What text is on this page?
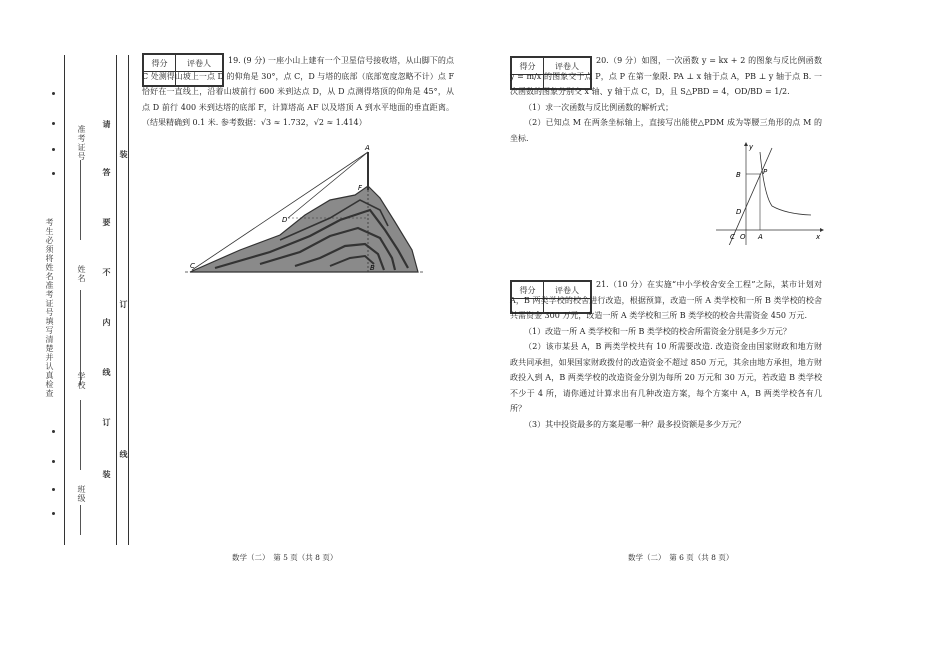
考生必须将姓名准考证号填写清楚并认真检查
准考证号
姓名
学校
班级
请
答
要
不
内
线
订
装
装
订
线
得分	评卷人
		19. (9 分) 一座小山上建有一个卫星信号接收塔，从山脚下的点 C 处测得山坡上一点 D 的仰角是 30°，点 C，D 与塔的底部（底部宽度忽略不计）点 F 恰好在一直线上，沿着山坡前行 600 米到达点 D，从 D 点测得塔顶的仰角是 45°，从点 D 前行 400 米到达塔的底部 F，计算塔高 AF 以及塔顶 A 到水平地面的垂直距离。（结果精确到 0.1 米. 参考数据：√3 ≈ 1.732，√2 ≈ 1.414）

A
F
D
C	B
数学（二）　第 5 页（共 8 页）
得分	评卷人

20.（9 分）如图，一次函数 y = kx + 2 的图象与反比例函数 y = m/x 的图象交于点 P，点 P 在第一象限. PA ⊥ x 轴于点 A，PB ⊥ y 轴于点 B. 一次函数的图象分别交 x 轴、y 轴于点 C，D，且 S△PBD = 4，OD/BD = 1/2.

（1）求一次函数与反比例函数的解析式；

（2）已知点 M 在两条坐标轴上，直接写出能使△PDM 成为等腰三角形的点 M 的坐标.

y
x
B	P
D
C O A
得分	评卷人

21.（10 分）在实施“中小学校舍安全工程”之际，某市计划对 A，B 两类学校的校舍进行改造，根据预算，改造一所 A 类学校和一所 B 类学校的校舍共需资金 300 万元，改造一所 A 类学校和三所 B 类学校的校舍共需资金 450 万元.

（1）改造一所 A 类学校和一所 B 类学校的校舍所需资金分别是多少万元？

（2）该市某县 A，B 两类学校共有 10 所需要改造. 改造资金由国家财政和地方财政共同承担，如果国家财政拨付的改造资金不超过 850 万元，其余由地方承担，地方财政投入到 A，B 两类学校的改造资金分别为每所 20 万元和 30 万元，若改造 B 类学校不少于 4 所，请你通过计算求出有几种改造方案，每个方案中 A，B 两类学校各有几所？

（3）其中投资最多的方案是哪一种？最多投资额是多少万元？

数学（二）　第 6 页（共 8 页）
